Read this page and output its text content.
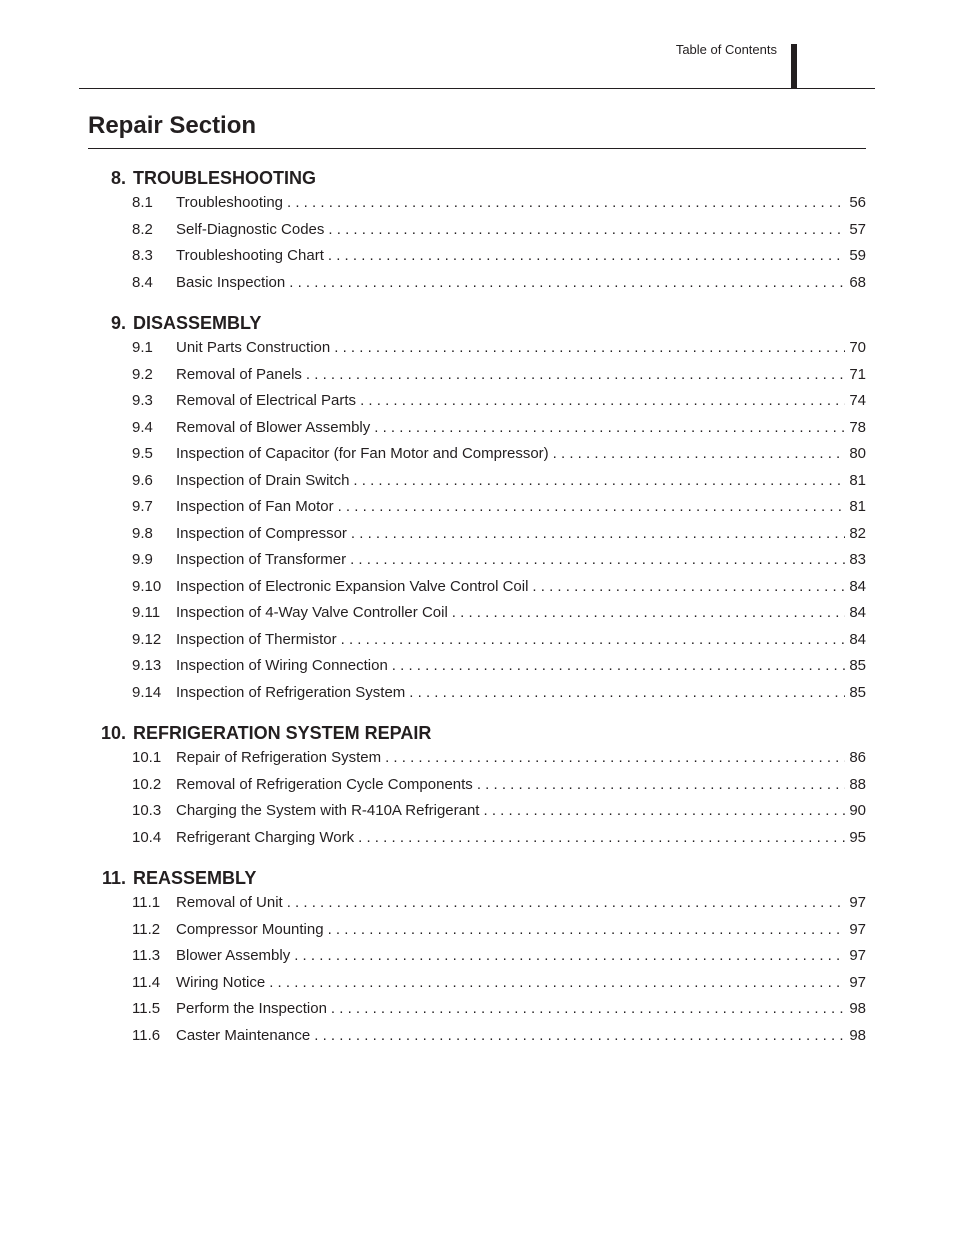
Table of Contents
Repair Section
8. TROUBLESHOOTING
8.1	Troubleshooting . . .	56
8.2	Self-Diagnostic Codes . . .	57
8.3	Troubleshooting Chart . . .	59
8.4	Basic Inspection . . .	68
9. DISASSEMBLY
9.1	Unit Parts Construction . . .	70
9.2	Removal of Panels . . .	71
9.3	Removal of Electrical Parts . . .	74
9.4	Removal of Blower Assembly . . .	78
9.5	Inspection of Capacitor (for Fan Motor and Compressor) . . .	80
9.6	Inspection of Drain Switch . . .	81
9.7	Inspection of Fan Motor . . .	81
9.8	Inspection of Compressor . . .	82
9.9	Inspection of Transformer . . .	83
9.10 Inspection of Electronic Expansion Valve Control Coil . . .	84
9.11	Inspection of 4-Way Valve Controller Coil . . .	84
9.12 Inspection of Thermistor . . .	84
9.13 Inspection of Wiring Connection . . .	85
9.14 Inspection of Refrigeration System . . .	85
10. REFRIGERATION SYSTEM REPAIR
10.1 Repair of Refrigeration System . . .	86
10.2 Removal of Refrigeration Cycle Components . . .	88
10.3 Charging the System with R-410A Refrigerant . . .	90
10.4 Refrigerant Charging Work . . .	95
11. REASSEMBLY
11.1	Removal of Unit . . .	97
11.2	Compressor Mounting . . .	97
11.3	Blower Assembly . . .	97
11.4	Wiring Notice . . .	97
11.5	Perform the Inspection . . .	98
11.6	Caster Maintenance . . .	98
